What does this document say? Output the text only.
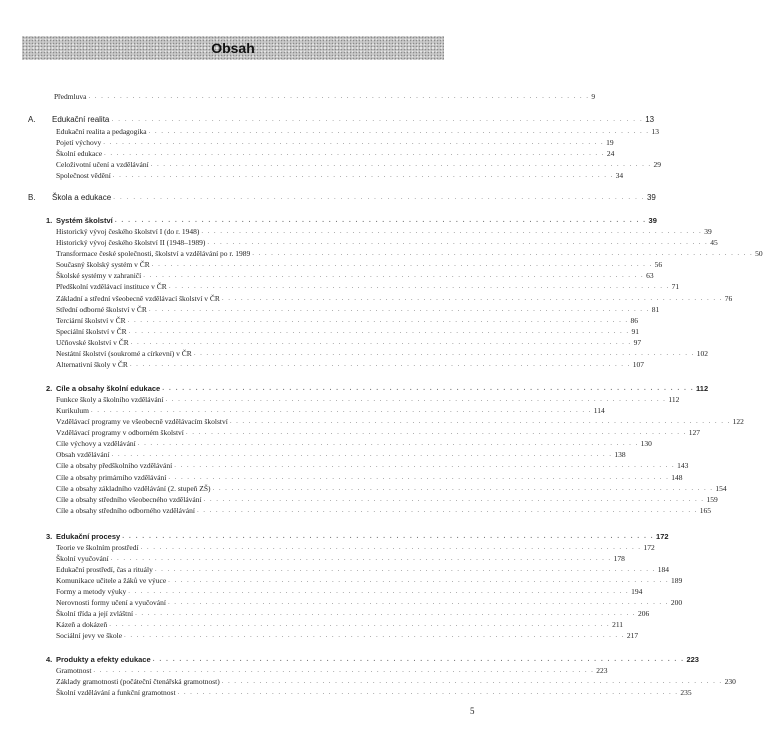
Obsah
Předmluva . . . . . . . . . . . . . . . . . . . . . . . . . . . . . . . . . . . . . . . . . . . . . . . . . . . . . . . . . . . . . . . . . . . . . . . . . . . . . . . . 9
A. Edukační realita . . . . . . . . . . . . . . . . . . . . . . . . . . . . . . . . . . . . . . . . . . . . . . . . . . . . . . . . . . . . . . . . . . . . . . . . . . . . . . . . 13
Edukační realita a pedagogika . . . . . . . . . . . . . . . . . . . . . . . . . . . . . . . . . . . . . . . . . . . . . . . . . . . . . . . . . . . . . . . . . . . . . . . . . . . . . . . . 13
Pojetí výchovy . . . . . . . . . . . . . . . . . . . . . . . . . . . . . . . . . . . . . . . . . . . . . . . . . . . . . . . . . . . . . . . . . . . . . . . . . . . . . . . . 19
Školní edukace . . . . . . . . . . . . . . . . . . . . . . . . . . . . . . . . . . . . . . . . . . . . . . . . . . . . . . . . . . . . . . . . . . . . . . . . . . . . . . . . 24
Celoživotní učení a vzdělávání . . . . . . . . . . . . . . . . . . . . . . . . . . . . . . . . . . . . . . . . . . . . . . . . . . . . . . . . . . . . . . . . . . . . . . . . . . . . . . . . 29
Společnost vědění . . . . . . . . . . . . . . . . . . . . . . . . . . . . . . . . . . . . . . . . . . . . . . . . . . . . . . . . . . . . . . . . . . . . . . . . . . . . . . . . 34
B. Škola a edukace . . . . . . . . . . . . . . . . . . . . . . . . . . . . . . . . . . . . . . . . . . . . . . . . . . . . . . . . . . . . . . . . . . . . . . . . . . . . . . . . 39
1. Systém školství . . . . . . . . . . . . . . . . . . . . . . . . . . . . . . . . . . . . . . . . . . . . . . . . . . . . . . . . . . . . . . . . . . . . . . . . . . . . . . . . 39
Historický vývoj českého školství I (do r. 1948) . . . . . . . . . . . . . . . . . . . . . . . . . . . . . . . . . . . . . . . . . . . . . . . . . . . . . . . . . . . . . . . . . . . . . . . . . . . . . . . . 39
Historický vývoj českého školství II (1948–1989) . . . . . . . . . . . . . . . . . . . . . . . . . . . . . . . . . . . . . . . . . . . . . . . . . . . . . . . . . . . . . . . . . . . . . . . . . . . . . . . . 45
Transformace české společnosti, školství a vzdělávání po r. 1989 . . . . . . . . . . . . . . . . . . . . . . . . . . . . . . . . . . . . . . . . . . . . . . . . . . . . . . . . . . . . . . . . . . . . . . . . . . . . . . . . 50
Současný školský systém v ČR . . . . . . . . . . . . . . . . . . . . . . . . . . . . . . . . . . . . . . . . . . . . . . . . . . . . . . . . . . . . . . . . . . . . . . . . . . . . . . . . 56
Školské systémy v zahraničí . . . . . . . . . . . . . . . . . . . . . . . . . . . . . . . . . . . . . . . . . . . . . . . . . . . . . . . . . . . . . . . . . . . . . . . . . . . . . . . . 63
Předškolní vzdělávací instituce v ČR . . . . . . . . . . . . . . . . . . . . . . . . . . . . . . . . . . . . . . . . . . . . . . . . . . . . . . . . . . . . . . . . . . . . . . . . . . . . . . . . 71
Základní a střední všeobecně vzdělávací školství v ČR . . . . . . . . . . . . . . . . . . . . . . . . . . . . . . . . . . . . . . . . . . . . . . . . . . . . . . . . . . . . . . . . . . . . . . . . . . . . . . . . 76
Střední odborné školství v ČR . . . . . . . . . . . . . . . . . . . . . . . . . . . . . . . . . . . . . . . . . . . . . . . . . . . . . . . . . . . . . . . . . . . . . . . . . . . . . . . . 81
Terciární školství v ČR . . . . . . . . . . . . . . . . . . . . . . . . . . . . . . . . . . . . . . . . . . . . . . . . . . . . . . . . . . . . . . . . . . . . . . . . . . . . . . . . 86
Speciální školství v ČR . . . . . . . . . . . . . . . . . . . . . . . . . . . . . . . . . . . . . . . . . . . . . . . . . . . . . . . . . . . . . . . . . . . . . . . . . . . . . . . . 91
Učňovské školství v ČR . . . . . . . . . . . . . . . . . . . . . . . . . . . . . . . . . . . . . . . . . . . . . . . . . . . . . . . . . . . . . . . . . . . . . . . . . . . . . . . . 97
Nestátní školství (soukromé a církevní) v ČR . . . . . . . . . . . . . . . . . . . . . . . . . . . . . . . . . . . . . . . . . . . . . . . . . . . . . . . . . . . . . . . . . . . . . . . . . . . . . . . . 102
Alternativní školy v ČR . . . . . . . . . . . . . . . . . . . . . . . . . . . . . . . . . . . . . . . . . . . . . . . . . . . . . . . . . . . . . . . . . . . . . . . . . . . . . . . . 107
2. Cíle a obsahy školní edukace . . . . . . . . . . . . . . . . . . . . . . . . . . . . . . . . . . . . . . . . . . . . . . . . . . . . . . . . . . . . . . . . . . . . . . . . . . . . . . . . 112
Funkce školy a školního vzdělávání . . . . . . . . . . . . . . . . . . . . . . . . . . . . . . . . . . . . . . . . . . . . . . . . . . . . . . . . . . . . . . . . . . . . . . . . . . . . . . . . 112
Kurikulum . . . . . . . . . . . . . . . . . . . . . . . . . . . . . . . . . . . . . . . . . . . . . . . . . . . . . . . . . . . . . . . . . . . . . . . . . . . . . . . . 114
Vzdělávací programy ve všeobecně vzdělávacím školství . . . . . . . . . . . . . . . . . . . . . . . . . . . . . . . . . . . . . . . . . . . . . . . . . . . . . . . . . . . . . . . . . . . . . . . . . . . . . . . . 122
Vzdělávací programy v odborném školství . . . . . . . . . . . . . . . . . . . . . . . . . . . . . . . . . . . . . . . . . . . . . . . . . . . . . . . . . . . . . . . . . . . . . . . . . . . . . . . . 127
Cíle výchovy a vzdělávání . . . . . . . . . . . . . . . . . . . . . . . . . . . . . . . . . . . . . . . . . . . . . . . . . . . . . . . . . . . . . . . . . . . . . . . . . . . . . . . . 130
Obsah vzdělávání . . . . . . . . . . . . . . . . . . . . . . . . . . . . . . . . . . . . . . . . . . . . . . . . . . . . . . . . . . . . . . . . . . . . . . . . . . . . . . . . 138
Cíle a obsahy předškolního vzdělávání . . . . . . . . . . . . . . . . . . . . . . . . . . . . . . . . . . . . . . . . . . . . . . . . . . . . . . . . . . . . . . . . . . . . . . . . . . . . . . . . 143
Cíle a obsahy primárního vzdělávání . . . . . . . . . . . . . . . . . . . . . . . . . . . . . . . . . . . . . . . . . . . . . . . . . . . . . . . . . . . . . . . . . . . . . . . . . . . . . . . . 148
Cíle a obsahy základního vzdělávání (2. stupeň ZŠ) . . . . . . . . . . . . . . . . . . . . . . . . . . . . . . . . . . . . . . . . . . . . . . . . . . . . . . . . . . . . . . . . . . . . . . . . . . . . . . . . 154
Cíle a obsahy středního všeobecného vzdělávání . . . . . . . . . . . . . . . . . . . . . . . . . . . . . . . . . . . . . . . . . . . . . . . . . . . . . . . . . . . . . . . . . . . . . . . . . . . . . . . . 159
Cíle a obsahy středního odborného vzdělávání . . . . . . . . . . . . . . . . . . . . . . . . . . . . . . . . . . . . . . . . . . . . . . . . . . . . . . . . . . . . . . . . . . . . . . . . . . . . . . . . 165
3. Edukační procesy . . . . . . . . . . . . . . . . . . . . . . . . . . . . . . . . . . . . . . . . . . . . . . . . . . . . . . . . . . . . . . . . . . . . . . . . . . . . . . . . 172
Teorie ve školním prostředí . . . . . . . . . . . . . . . . . . . . . . . . . . . . . . . . . . . . . . . . . . . . . . . . . . . . . . . . . . . . . . . . . . . . . . . . . . . . . . . . 172
Školní vyučování . . . . . . . . . . . . . . . . . . . . . . . . . . . . . . . . . . . . . . . . . . . . . . . . . . . . . . . . . . . . . . . . . . . . . . . . . . . . . . . . 178
Edukační prostředí, čas a rituály . . . . . . . . . . . . . . . . . . . . . . . . . . . . . . . . . . . . . . . . . . . . . . . . . . . . . . . . . . . . . . . . . . . . . . . . . . . . . . . . 184
Komunikace učitele a žáků ve výuce . . . . . . . . . . . . . . . . . . . . . . . . . . . . . . . . . . . . . . . . . . . . . . . . . . . . . . . . . . . . . . . . . . . . . . . . . . . . . . . . 189
Formy a metody výuky . . . . . . . . . . . . . . . . . . . . . . . . . . . . . . . . . . . . . . . . . . . . . . . . . . . . . . . . . . . . . . . . . . . . . . . . . . . . . . . . 194
Nerovnosti formy učení a vyučování . . . . . . . . . . . . . . . . . . . . . . . . . . . . . . . . . . . . . . . . . . . . . . . . . . . . . . . . . . . . . . . . . . . . . . . . . . . . . . . . 200
Školní třída a její zvláštní . . . . . . . . . . . . . . . . . . . . . . . . . . . . . . . . . . . . . . . . . . . . . . . . . . . . . . . . . . . . . . . . . . . . . . . . . . . . . . . . 206
Kázeň a dokázeň . . . . . . . . . . . . . . . . . . . . . . . . . . . . . . . . . . . . . . . . . . . . . . . . . . . . . . . . . . . . . . . . . . . . . . . . . . . . . . . . 211
Sociální jevy ve škole . . . . . . . . . . . . . . . . . . . . . . . . . . . . . . . . . . . . . . . . . . . . . . . . . . . . . . . . . . . . . . . . . . . . . . . . . . . . . . . . 217
4. Produkty a efekty edukace . . . . . . . . . . . . . . . . . . . . . . . . . . . . . . . . . . . . . . . . . . . . . . . . . . . . . . . . . . . . . . . . . . . . . . . . . . . . . . . . 223
Gramotnost . . . . . . . . . . . . . . . . . . . . . . . . . . . . . . . . . . . . . . . . . . . . . . . . . . . . . . . . . . . . . . . . . . . . . . . . . . . . . . . . 223
Základy gramotnosti (počáteční čtenářská gramotnost) . . . . . . . . . . . . . . . . . . . . . . . . . . . . . . . . . . . . . . . . . . . . . . . . . . . . . . . . . . . . . . . . . . . . . . . . . . . . . . . . 230
Školní vzdělávání a funkční gramotnost . . . . . . . . . . . . . . . . . . . . . . . . . . . . . . . . . . . . . . . . . . . . . . . . . . . . . . . . . . . . . . . . . . . . . . . . . . . . . . . . 235
5
